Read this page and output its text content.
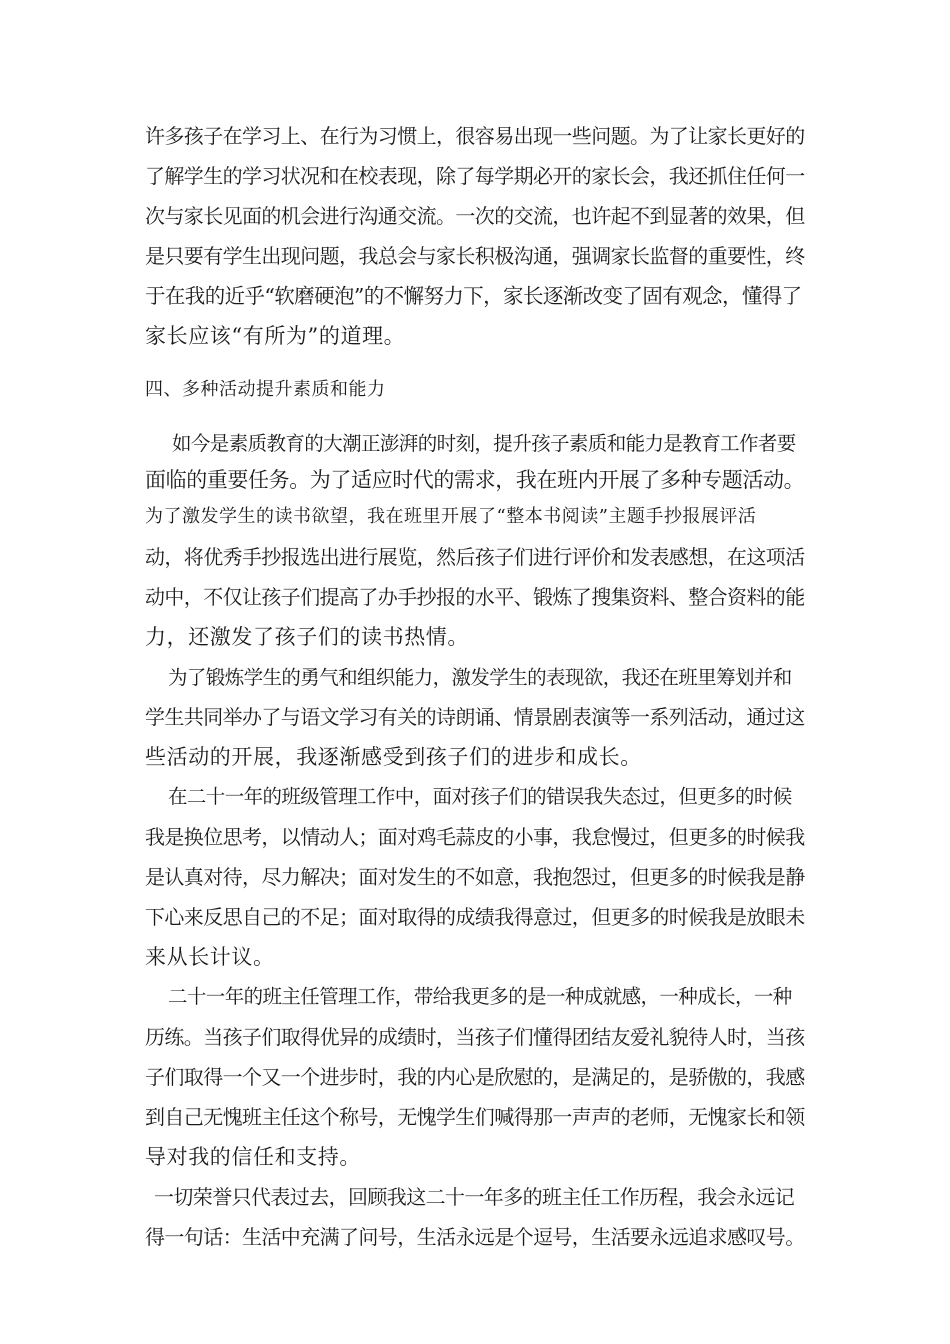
许多孩子在学习上、在行为习惯上，很容易出现一些问题。为了让家长更好的
了解学生的学习状况和在校表现，除了每学期必开的家长会，我还抓住任何一
次与家长见面的机会进行沟通交流。一次的交流，也许起不到显著的效果，但
是只要有学生出现问题，我总会与家长积极沟通，强调家长监督的重要性，终
于在我的近乎“软磨硬泡”的不懈努力下，家长逐渐改变了固有观念，懂得了
家长应该“有所为”的道理。
四、多种活动提升素质和能力
如今是素质教育的大潮正澎湃的时刻，提升孩子素质和能力是教育工作者要
面临的重要任务。为了适应时代的需求，我在班内开展了多种专题活动。
为了激发学生的读书欲望，我在班里开展了“整本书阅读”主题手抄报展评活
动，将优秀手抄报选出进行展览，然后孩子们进行评价和发表感想，在这项活
动中，不仅让孩子们提高了办手抄报的水平、锻炼了搜集资料、整合资料的能
力，还激发了孩子们的读书热情。
为了锻炼学生的勇气和组织能力，激发学生的表现欲，我还在班里筹划并和
学生共同举办了与语文学习有关的诗朗诵、情景剧表演等一系列活动，通过这
些活动的开展，我逐渐感受到孩子们的进步和成长。
在二十一年的班级管理工作中，面对孩子们的错误我失态过，但更多的时候
我是换位思考，以情动人；面对鸡毛蒜皮的小事，我怠慢过，但更多的时候我
是认真对待，尽力解决；面对发生的不如意，我抱怨过，但更多的时候我是静
下心来反思自己的不足；面对取得的成绩我得意过，但更多的时候我是放眼未
来从长计议。
二十一年的班主任管理工作，带给我更多的是一种成就感，一种成长，一种
历练。当孩子们取得优异的成绩时，当孩子们懂得团结友爱礼貌待人时，当孩
子们取得一个又一个进步时，我的内心是欣慰的，是满足的，是骄傲的，我感
到自己无愧班主任这个称号，无愧学生们喊得那一声声的老师，无愧家长和领
导对我的信任和支持。
一切荣誉只代表过去，回顾我这二十一年多的班主任工作历程，我会永远记
得一句话：生活中充满了问号，生活永远是个逗号，生活要永远追求感叹号。
